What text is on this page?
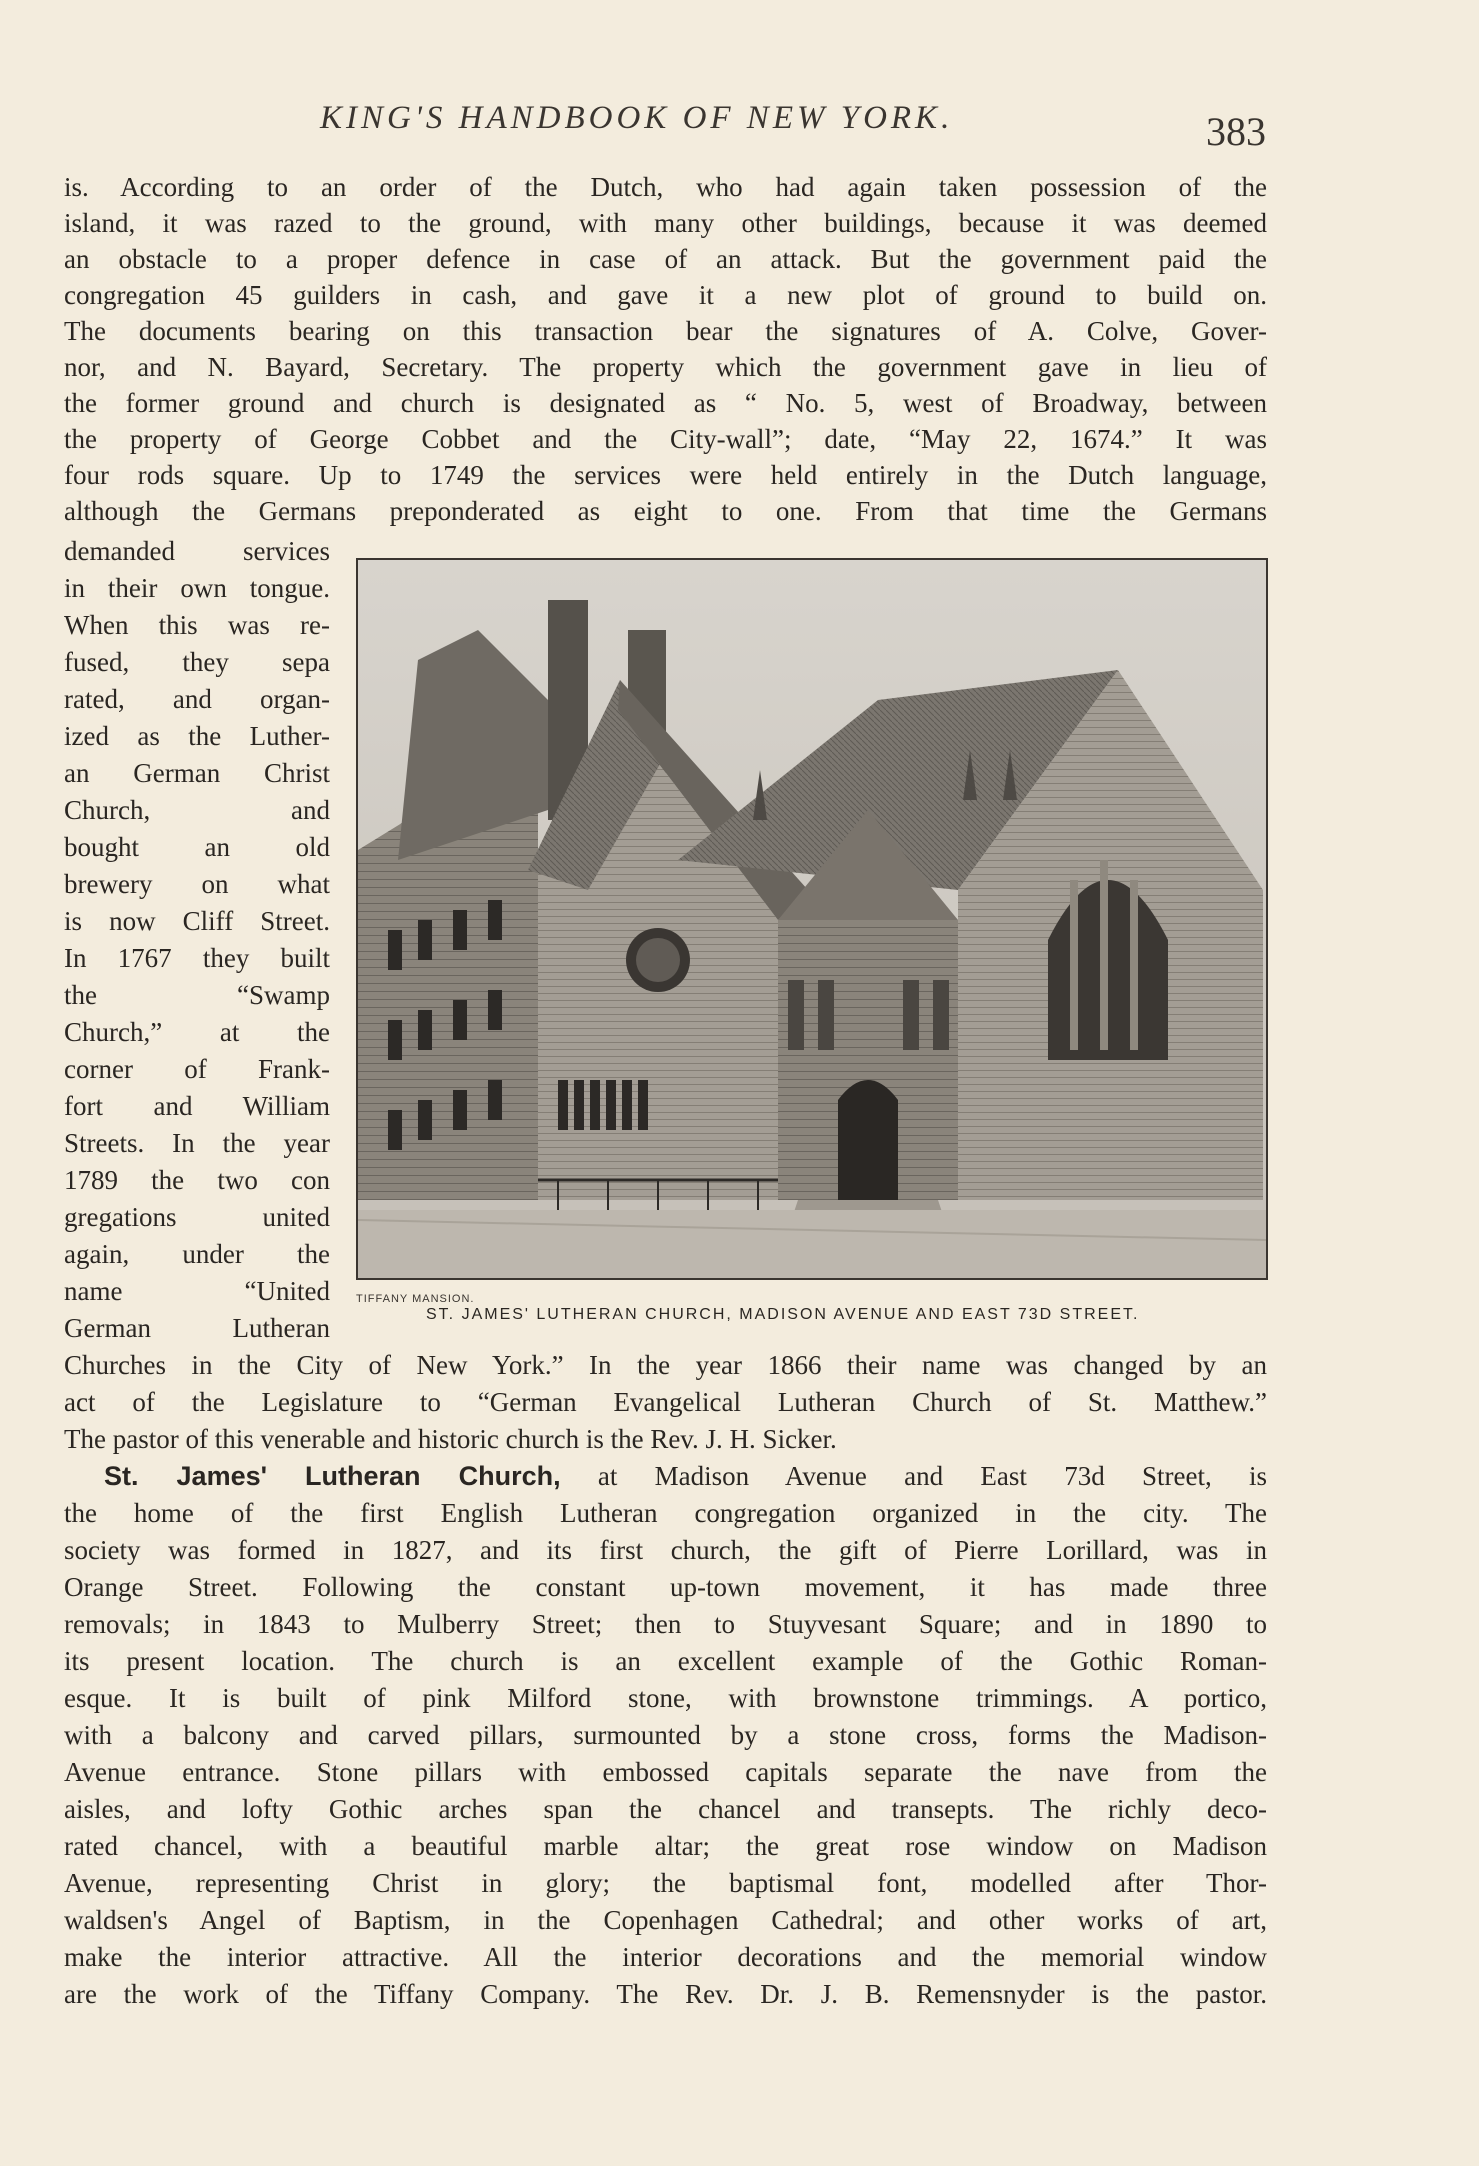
KING'S HANDBOOK OF NEW YORK.	383
is. According to an order of the Dutch, who had again taken possession of the
island, it was razed to the ground, with many other buildings, because it was deemed
an obstacle to a proper defence in case of an attack. But the government paid the
congregation 45 guilders in cash, and gave it a new plot of ground to build on.
The documents bearing on this transaction bear the signatures of A. Colve, Gover-
nor, and N. Bayard, Secretary. The property which the government gave in lieu of
the former ground and church is designated as “ No. 5, west of Broadway, between
the property of George Cobbet and the City-wall”; date, “May 22, 1674.” It was
four rods square. Up to 1749 the services were held entirely in the Dutch language,
although the Germans preponderated as eight to one. From that time the Germans
demanded services
in their own tongue.
When this was re-
fused, they sepa
rated, and organ-
ized as the Luther-
an German Christ
Church, and
bought an old
brewery on what
is now Cliff Street.
In 1767 they built
the “Swamp
Church,” at the
corner of Frank-
fort and William
Streets. In the year
1789 the two con
gregations united
again, under the
name “United
German Lutheran
TIFFANY MANSION.
ST. JAMES' LUTHERAN CHURCH, MADISON AVENUE AND EAST 73D STREET.
Churches in the City of New York.” In the year 1866 their name was changed by an
act of the Legislature to “German Evangelical Lutheran Church of St. Matthew.”
The pastor of this venerable and historic church is the Rev. J. H. Sicker.
St. James' Lutheran Church, at Madison Avenue and East 73d Street, is
the home of the first English Lutheran congregation organized in the city. The
society was formed in 1827, and its first church, the gift of Pierre Lorillard, was in
Orange Street. Following the constant up-town movement, it has made three
removals; in 1843 to Mulberry Street; then to Stuyvesant Square; and in 1890 to
its present location. The church is an excellent example of the Gothic Roman-
esque. It is built of pink Milford stone, with brownstone trimmings. A portico,
with a balcony and carved pillars, surmounted by a stone cross, forms the Madison-
Avenue entrance. Stone pillars with embossed capitals separate the nave from the
aisles, and lofty Gothic arches span the chancel and transepts. The richly deco-
rated chancel, with a beautiful marble altar; the great rose window on Madison
Avenue, representing Christ in glory; the baptismal font, modelled after Thor-
waldsen's Angel of Baptism, in the Copenhagen Cathedral; and other works of art,
make the interior attractive. All the interior decorations and the memorial window
are the work of the Tiffany Company. The Rev. Dr. J. B. Remensnyder is the pastor.
